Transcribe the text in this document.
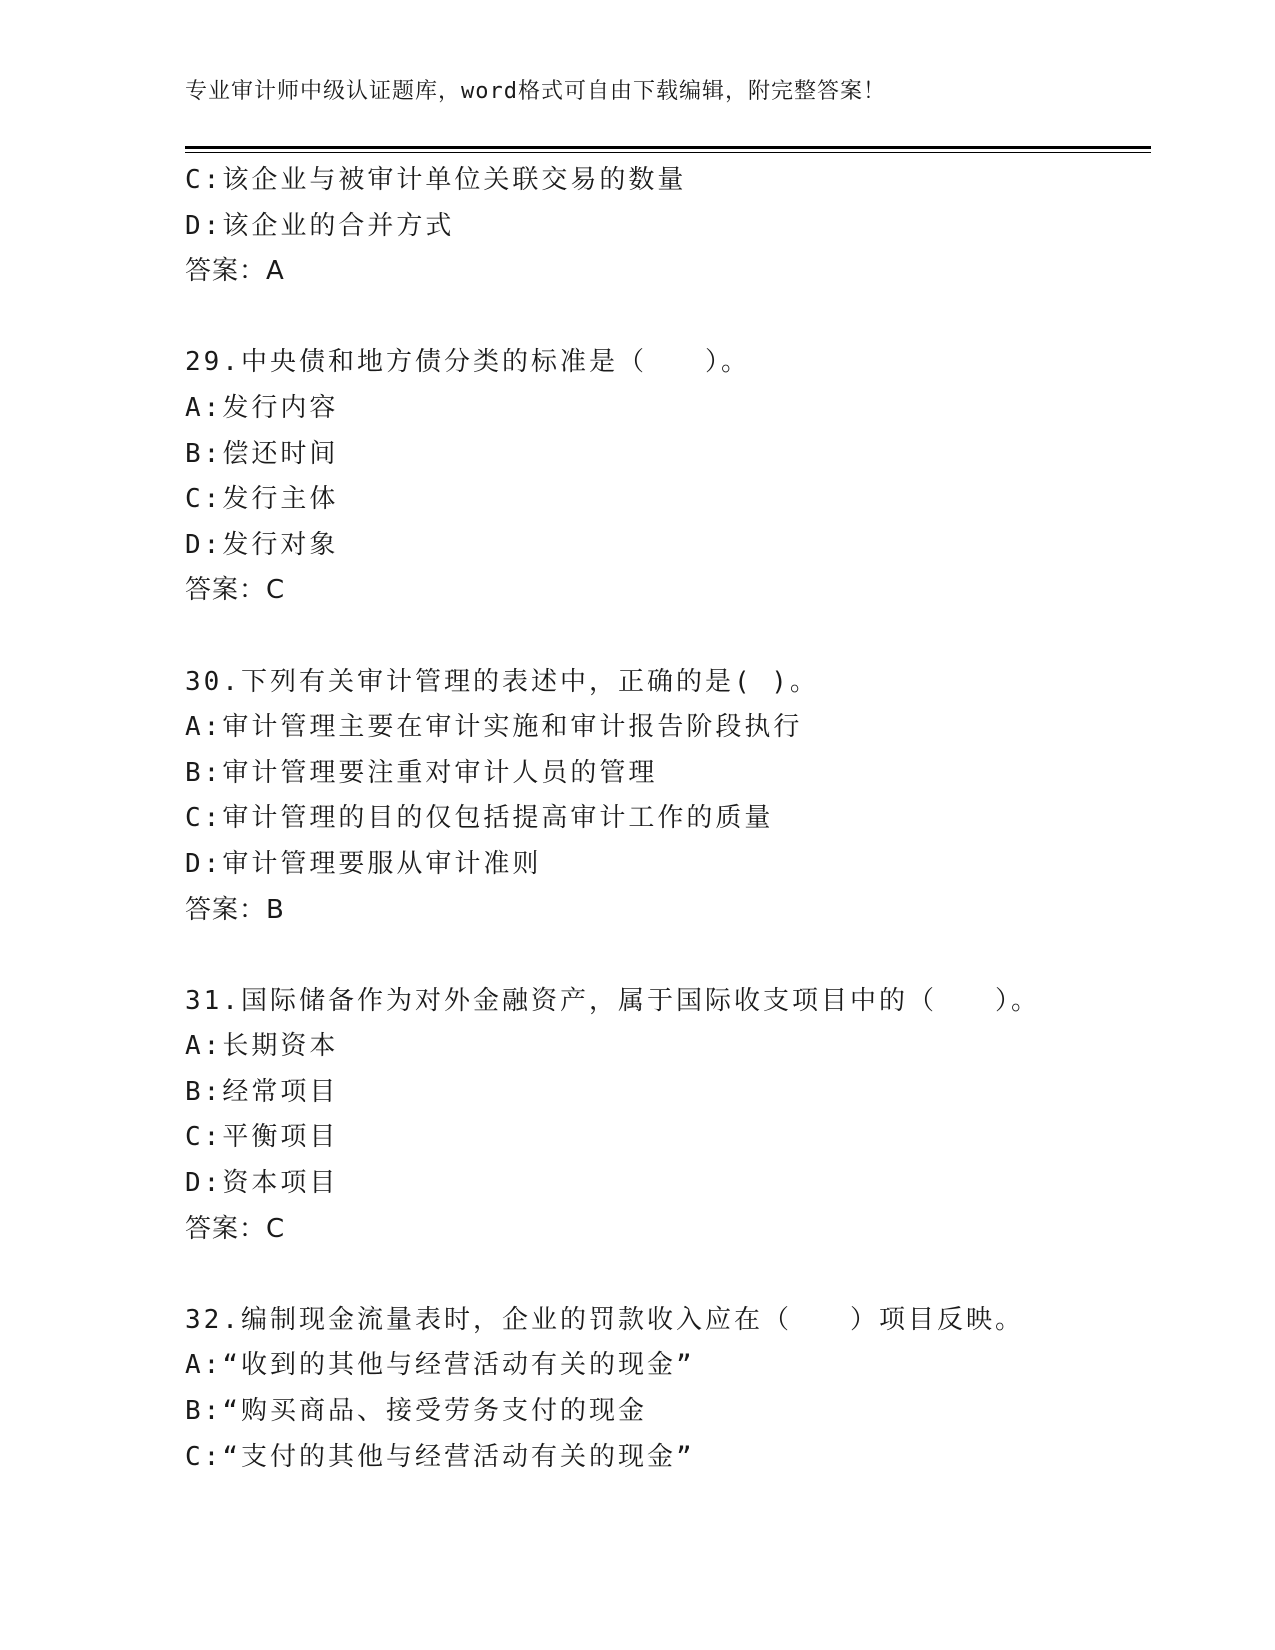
专业审计师中级认证题库，word格式可自由下载编辑，附完整答案！
C:该企业与被审计单位关联交易的数量
D:该企业的合并方式
答案：A
29.中央债和地方债分类的标准是（　　）。
A:发行内容
B:偿还时间
C:发行主体
D:发行对象
答案：C
30.下列有关审计管理的表述中，正确的是( )。
A:审计管理主要在审计实施和审计报告阶段执行
B:审计管理要注重对审计人员的管理
C:审计管理的目的仅包括提高审计工作的质量
D:审计管理要服从审计准则
答案：B
31.国际储备作为对外金融资产，属于国际收支项目中的（　　）。
A:长期资本
B:经常项目
C:平衡项目
D:资本项目
答案：C
32.编制现金流量表时，企业的罚款收入应在（　　）项目反映。
A:“收到的其他与经营活动有关的现金”
B:“购买商品、接受劳务支付的现金
C:“支付的其他与经营活动有关的现金”
